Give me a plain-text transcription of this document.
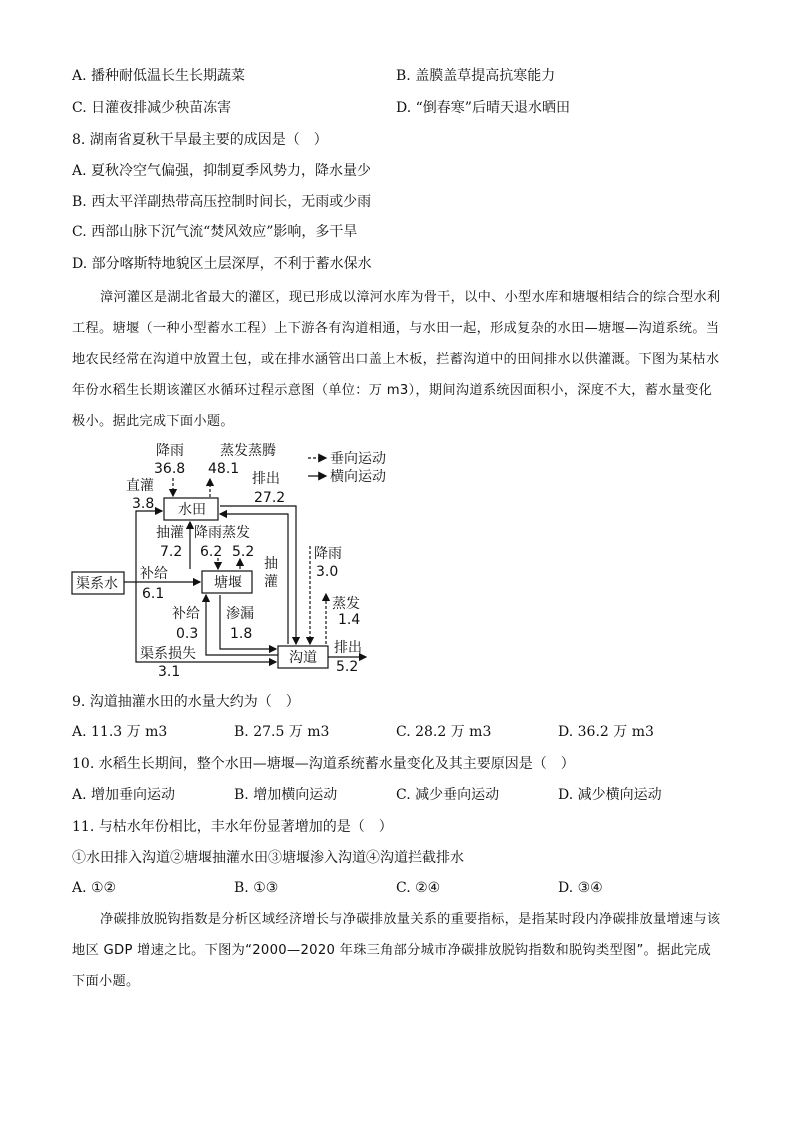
A. 播种耐低温长生长期蔬菜	B. 盖膜盖草提高抗寒能力
C. 日灌夜排减少秧苗冻害	D. “倒春寒”后晴天退水晒田
8. 湖南省夏秋干旱最主要的成因是（　）
A. 夏秋冷空气偏强，抑制夏季风势力，降水量少
B. 西太平洋副热带高压控制时间长，无雨或少雨
C. 西部山脉下沉气流“焚风效应”影响，多干旱
D. 部分喀斯特地貌区土层深厚，不利于蓄水保水
漳河灌区是湖北省最大的灌区，现已形成以漳河水库为骨干，以中、小型水库和塘堰相结合的综合型水利工程。塘堰（一种小型蓄水工程）上下游各有沟道相通，与水田一起，形成复杂的水田—塘堰—沟道系统。当地农民经常在沟道中放置土包，或在排水涵管出口盖上木板，拦蓄沟道中的田间排水以供灌溉。下图为某枯水年份水稻生长期该灌区水循环过程示意图（单位：万 m3），期间沟道系统因面积小，深度不大，蓄水量变化极小。据此完成下面小题。
垂向运动
横向运动
水田
塘堰
渠系水
沟道
降雨
36.8
蒸发蒸腾
48.1
直灌
3.8
排出
27.2
抽
灌
抽灌
7.2
降雨蒸发
6.2 5.2
补给
6.1
补给
0.3
渗漏
1.8
渠系损失
3.1
降雨
3.0
蒸发
1.4
排出
5.2
9. 沟道抽灌水田的水量大约为（　）
A. 11.3 万 m3	B. 27.5 万 m3	C. 28.2 万 m3	D. 36.2 万 m3
10. 水稻生长期间，整个水田—塘堰—沟道系统蓄水量变化及其主要原因是（　）
A. 增加垂向运动	B. 增加横向运动	C. 减少垂向运动	D. 减少横向运动
11. 与枯水年份相比，丰水年份显著增加的是（　）
①水田排入沟道②塘堰抽灌水田③塘堰渗入沟道④沟道拦截排水
A. ①②	B. ①③	C. ②④	D. ③④
净碳排放脱钩指数是分析区域经济增长与净碳排放量关系的重要指标，是指某时段内净碳排放量增速与该地区 GDP 增速之比。下图为“2000—2020 年珠三角部分城市净碳排放脱钩指数和脱钩类型图”。据此完成下面小题。
